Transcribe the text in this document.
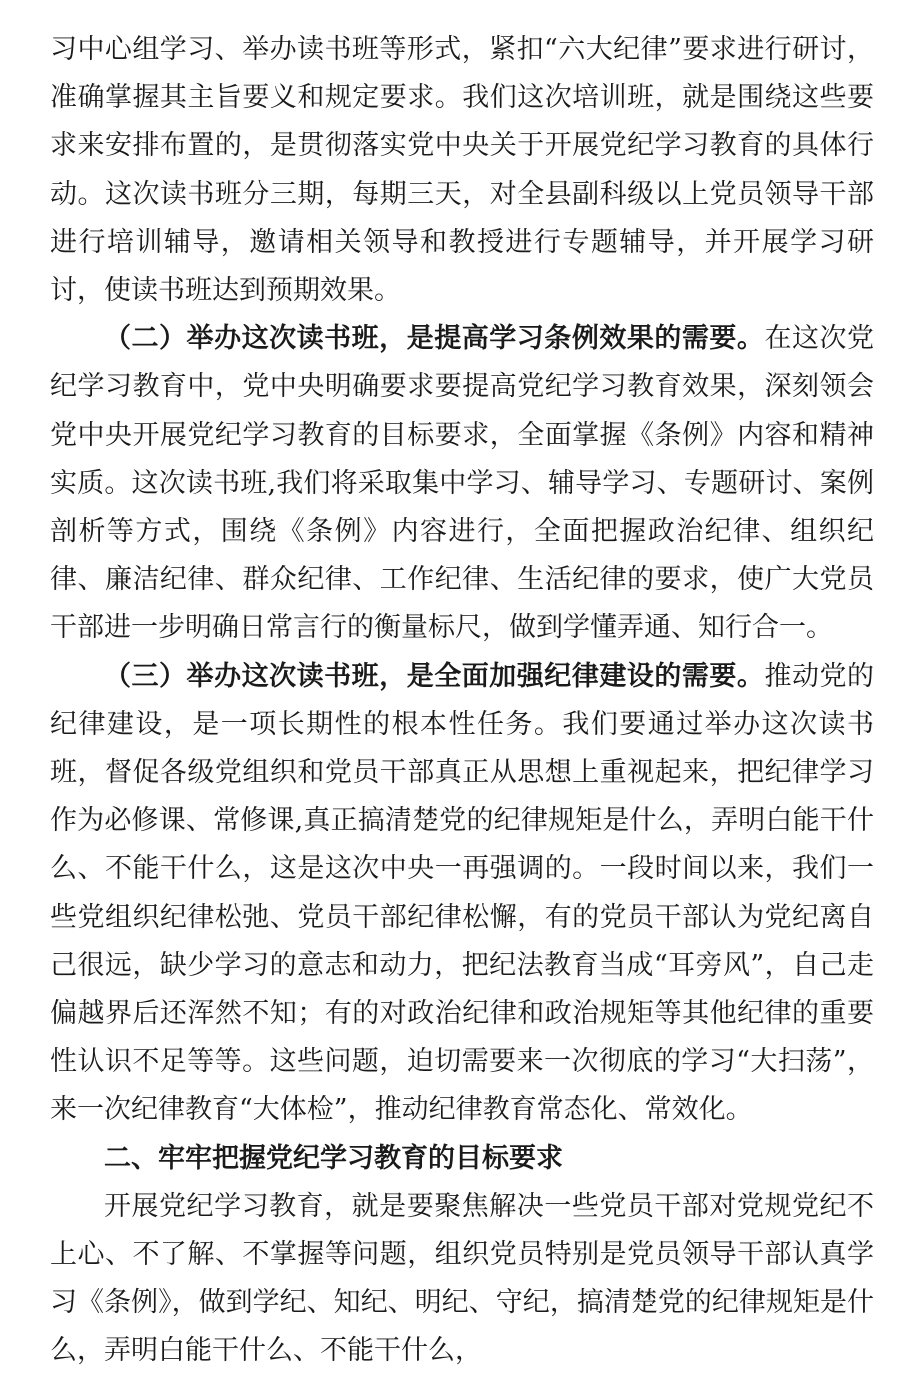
习中心组学习、举办读书班等形式，紧扣“六大纪律”要求进行研讨，准确掌握其主旨要义和规定要求。我们这次培训班，就是围绕这些要求来安排布置的，是贯彻落实党中央关于开展党纪学习教育的具体行动。这次读书班分三期，每期三天，对全县副科级以上党员领导干部进行培训辅导，邀请相关领导和教授进行专题辅导，并开展学习研讨，使读书班达到预期效果。

（二）举办这次读书班，是提高学习条例效果的需要。在这次党纪学习教育中，党中央明确要求要提高党纪学习教育效果，深刻领会党中央开展党纪学习教育的目标要求，全面掌握《条例》内容和精神实质。这次读书班,我们将采取集中学习、辅导学习、专题研讨、案例剖析等方式，围绕《条例》内容进行，全面把握政治纪律、组织纪律、廉洁纪律、群众纪律、工作纪律、生活纪律的要求，使广大党员干部进一步明确日常言行的衡量标尺，做到学懂弄通、知行合一。

（三）举办这次读书班，是全面加强纪律建设的需要。推动党的纪律建设，是一项长期性的根本性任务。我们要通过举办这次读书班，督促各级党组织和党员干部真正从思想上重视起来，把纪律学习作为必修课、常修课,真正搞清楚党的纪律规矩是什么，弄明白能干什么、不能干什么，这是这次中央一再强调的。一段时间以来，我们一些党组织纪律松弛、党员干部纪律松懈，有的党员干部认为党纪离自己很远，缺少学习的意志和动力，把纪法教育当成“耳旁风”，自己走偏越界后还浑然不知；有的对政治纪律和政治规矩等其他纪律的重要性认识不足等等。这些问题，迫切需要来一次彻底的学习“大扫荡”，来一次纪律教育“大体检”，推动纪律教育常态化、常效化。

二、牢牢把握党纪学习教育的目标要求

开展党纪学习教育，就是要聚焦解决一些党员干部对党规党纪不上心、不了解、不掌握等问题，组织党员特别是党员领导干部认真学习《条例》，做到学纪、知纪、明纪、守纪，搞清楚党的纪律规矩是什么，弄明白能干什么、不能干什么，
